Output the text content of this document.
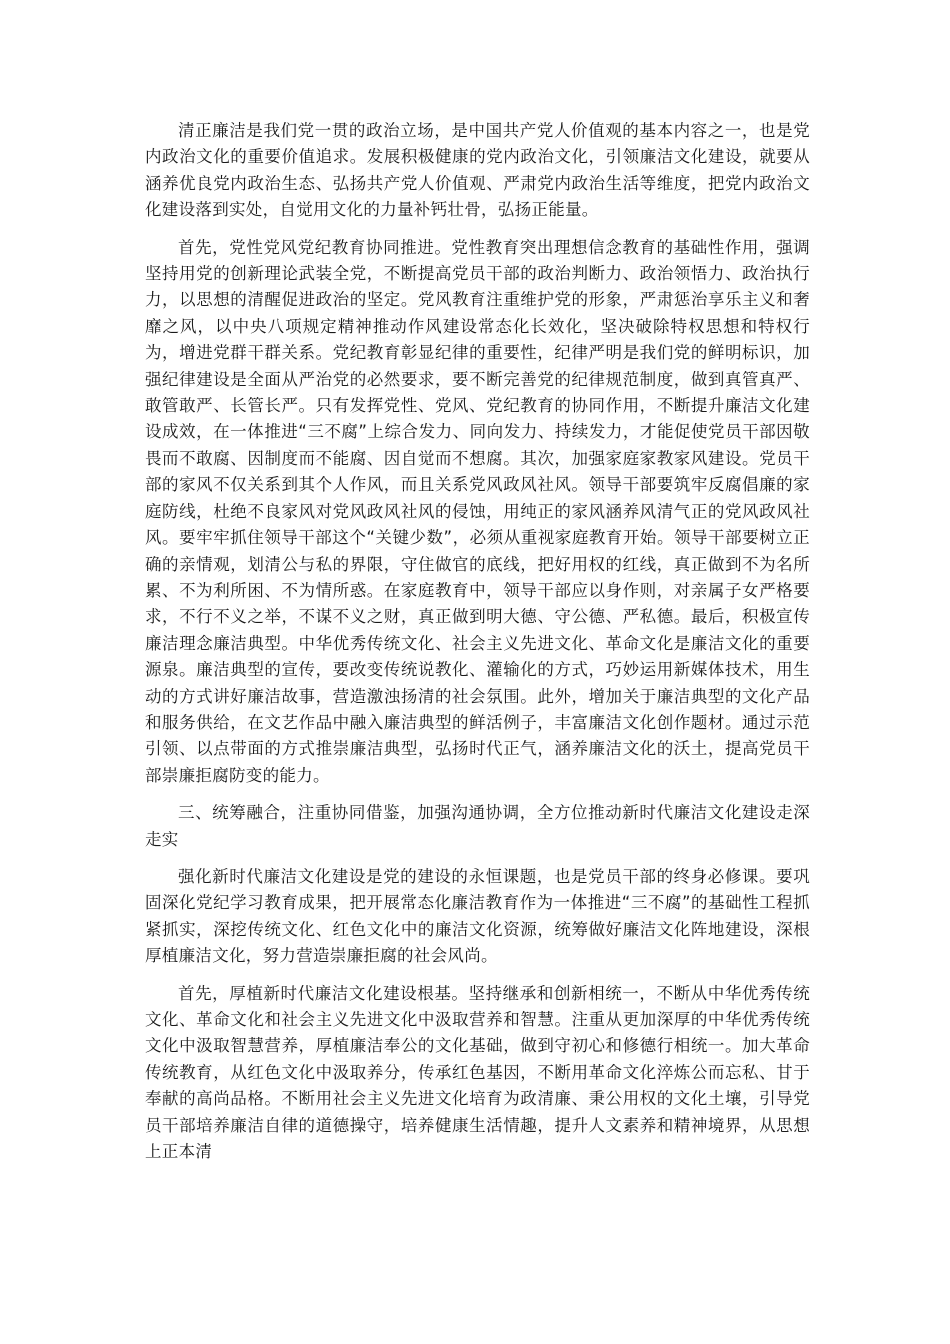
清正廉洁是我们党一贯的政治立场，是中国共产党人价值观的基本内容之一，也是党内政治文化的重要价值追求。发展积极健康的党内政治文化，引领廉洁文化建设，就要从涵养优良党内政治生态、弘扬共产党人价值观、严肃党内政治生活等维度，把党内政治文化建设落到实处，自觉用文化的力量补钙壮骨，弘扬正能量。

首先，党性党风党纪教育协同推进。党性教育突出理想信念教育的基础性作用，强调坚持用党的创新理论武装全党，不断提高党员干部的政治判断力、政治领悟力、政治执行力，以思想的清醒促进政治的坚定。党风教育注重维护党的形象，严肃惩治享乐主义和奢靡之风，以中央八项规定精神推动作风建设常态化长效化，坚决破除特权思想和特权行为，增进党群干群关系。党纪教育彰显纪律的重要性，纪律严明是我们党的鲜明标识，加强纪律建设是全面从严治党的必然要求，要不断完善党的纪律规范制度，做到真管真严、敢管敢严、长管长严。只有发挥党性、党风、党纪教育的协同作用，不断提升廉洁文化建设成效，在一体推进“三不腐”上综合发力、同向发力、持续发力，才能促使党员干部因敬畏而不敢腐、因制度而不能腐、因自觉而不想腐。其次，加强家庭家教家风建设。党员干部的家风不仅关系到其个人作风，而且关系党风政风社风。领导干部要筑牢反腐倡廉的家庭防线，杜绝不良家风对党风政风社风的侵蚀，用纯正的家风涵养风清气正的党风政风社风。要牢牢抓住领导干部这个“关键少数”，必须从重视家庭教育开始。领导干部要树立正确的亲情观，划清公与私的界限，守住做官的底线，把好用权的红线，真正做到不为名所累、不为利所困、不为情所惑。在家庭教育中，领导干部应以身作则，对亲属子女严格要求，不行不义之举，不谋不义之财，真正做到明大德、守公德、严私德。最后，积极宣传廉洁理念廉洁典型。中华优秀传统文化、社会主义先进文化、革命文化是廉洁文化的重要源泉。廉洁典型的宣传，要改变传统说教化、灌输化的方式，巧妙运用新媒体技术，用生动的方式讲好廉洁故事，营造激浊扬清的社会氛围。此外，增加关于廉洁典型的文化产品和服务供给，在文艺作品中融入廉洁典型的鲜活例子，丰富廉洁文化创作题材。通过示范引领、以点带面的方式推崇廉洁典型，弘扬时代正气，涵养廉洁文化的沃土，提高党员干部崇廉拒腐防变的能力。

三、统筹融合，注重协同借鉴，加强沟通协调，全方位推动新时代廉洁文化建设走深走实

强化新时代廉洁文化建设是党的建设的永恒课题，也是党员干部的终身必修课。要巩固深化党纪学习教育成果，把开展常态化廉洁教育作为一体推进“三不腐”的基础性工程抓紧抓实，深挖传统文化、红色文化中的廉洁文化资源，统筹做好廉洁文化阵地建设，深根厚植廉洁文化，努力营造崇廉拒腐的社会风尚。

首先，厚植新时代廉洁文化建设根基。坚持继承和创新相统一，不断从中华优秀传统文化、革命文化和社会主义先进文化中汲取营养和智慧。注重从更加深厚的中华优秀传统文化中汲取智慧营养，厚植廉洁奉公的文化基础，做到守初心和修德行相统一。加大革命传统教育，从红色文化中汲取养分，传承红色基因，不断用革命文化淬炼公而忘私、甘于奉献的高尚品格。不断用社会主义先进文化培育为政清廉、秉公用权的文化土壤，引导党员干部培养廉洁自律的道德操守，培养健康生活情趣，提升人文素养和精神境界，从思想上正本清
